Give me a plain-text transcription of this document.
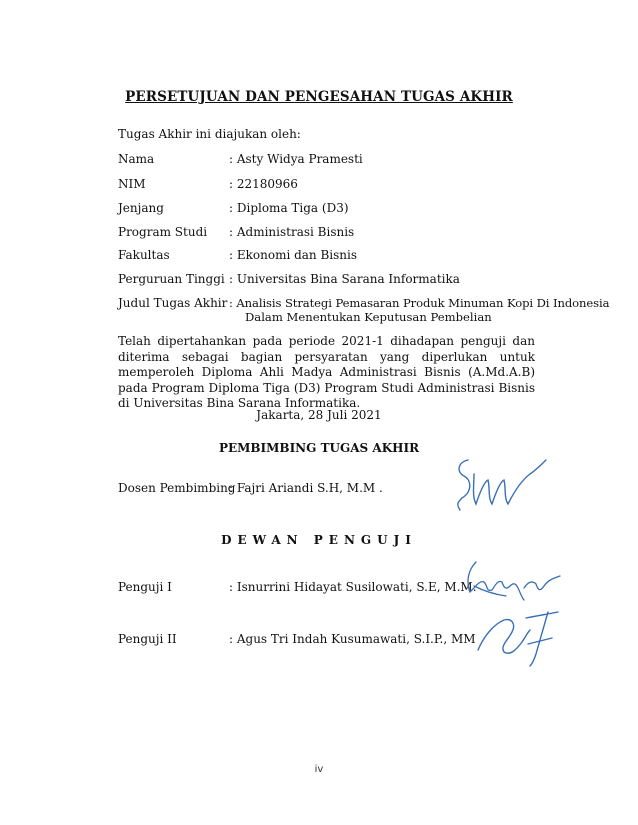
PERSETUJUAN DAN PENGESAHAN TUGAS AKHIR
Tugas Akhir ini diajukan oleh:
Nama	: Asty Widya Pramesti
NIM	: 22180966
Jenjang	: Diploma Tiga (D3)
Program Studi : Administrasi Bisnis
Fakultas	: Ekonomi dan Bisnis
Perguruan Tinggi : Universitas Bina Sarana Informatika
Judul Tugas Akhir : Analisis Strategi Pemasaran Produk Minuman Kopi Di Indonesia
Dalam Menentukan Keputusan Pembelian
Telah dipertahankan pada periode 2021-1 dihadapan penguji dan diterima sebagai bagian persyaratan yang diperlukan untuk memperoleh Diploma Ahli Madya Administrasi Bisnis (A.Md.A.B) pada Program Diploma Tiga (D3) Program Studi Administrasi Bisnis di Universitas Bina Sarana Informatika.
Jakarta, 28 Juli 2021
PEMBIMBING TUGAS AKHIR
Dosen Pembimbing
: Fajri Ariandi S.H, M.M .
DEWAN PENGUJI
Penguji I	: Isnurrini Hidayat Susilowati, S.E, M.M.
Penguji II	: Agus Tri Indah Kusumawati, S.I.P., MM
iv
